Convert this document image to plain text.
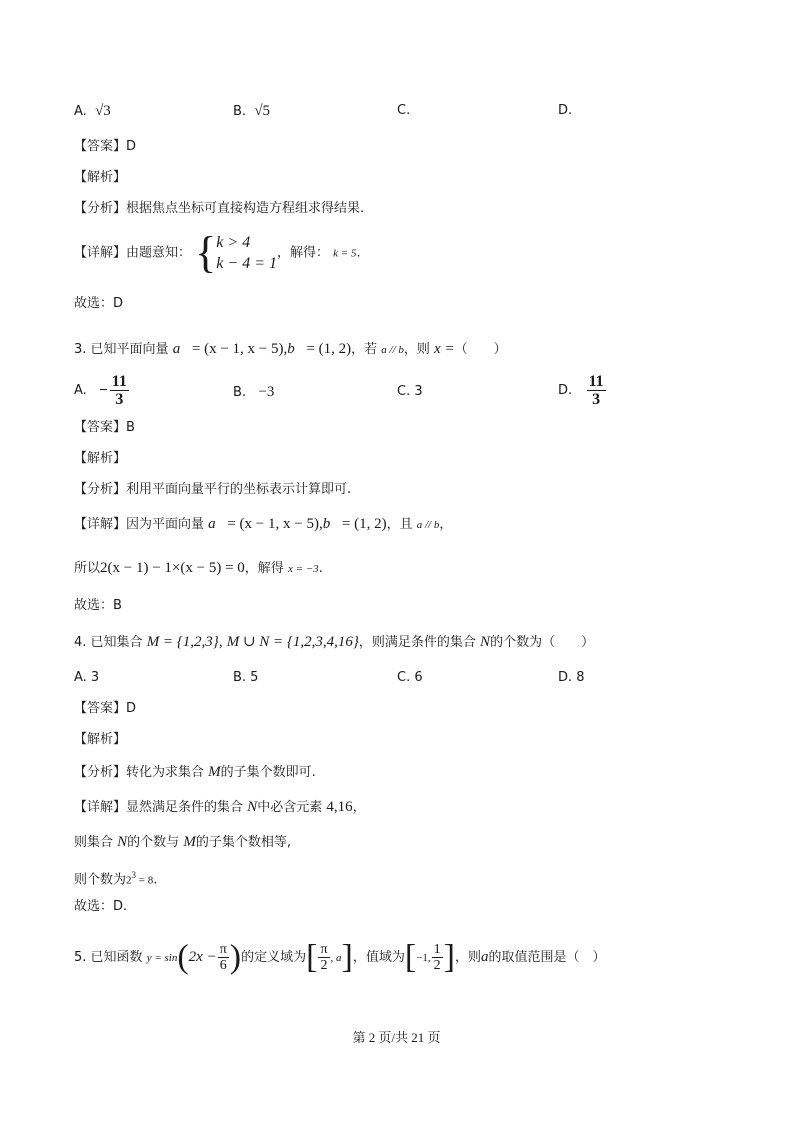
A. √3	B. √5	C.	D.
【答案】D
【解析】
【分析】根据焦点坐标可直接构造方程组求得结果.
【详解】由题意知： { k > 4
k − 4 = 1
，解得： k = 5.
故选：D
3. 已知平面向量 a⃗= (x − 1, x − 5),b⃗= (1, 2)，若 a // b，则 x =（　　）
A. − $\frac{11}{3}$	B. −3	C. 3	D. $\frac{11}{3}$
【答案】B
【解析】
【分析】利用平面向量平行的坐标表示计算即可.
【详解】因为平面向量 a⃗= (x − 1, x − 5),b⃗= (1, 2)，且 a // b，
所以2(x − 1) − 1×(x − 5) = 0，解得 x = −3.
故选：B
4. 已知集合 M = {1,2,3}, M ∪ N = {1,2,3,4,16}，则满足条件的集合 N的个数为（　　）
A. 3	B. 5	C. 6	D. 8
【答案】D
【解析】
【分析】转化为求集合 M的子集个数即可.
【详解】显然满足条件的集合 N中必含元素 4,16，
则集合 N的个数与 M的子集个数相等,
则个数为$2^3 = 8$.
故选：D.
5. 已知函数 $y = \sin(2x - \frac{\pi}{6}$ )的定义域为[ $\frac{\pi}{2}$ , a]，值域为[−1, $\frac{1}{2}$ ]，则a的取值范围是（　）
第 2 页/共 21 页
